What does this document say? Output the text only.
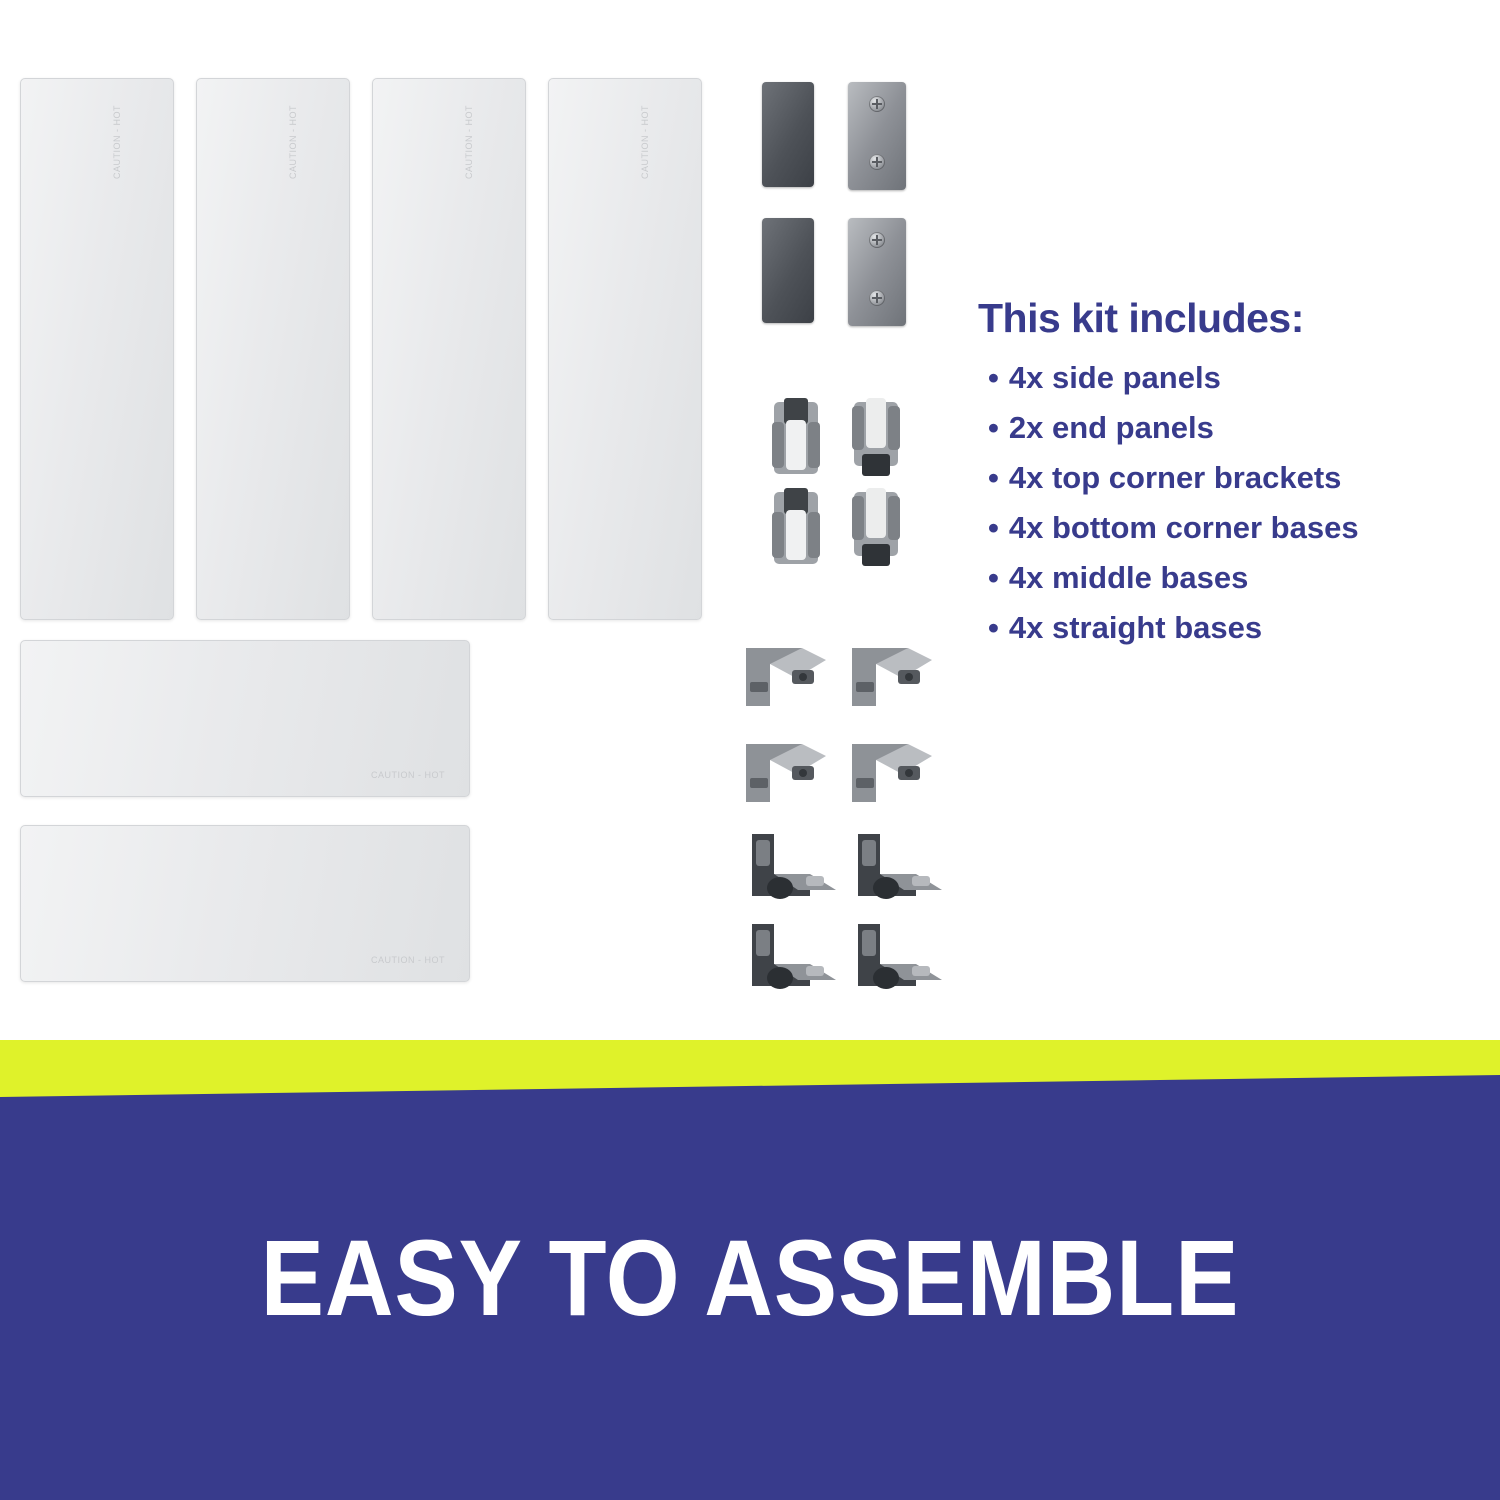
CAUTION - HOT	CAUTION - HOT	CAUTION - HOT	CAUTION - HOT
CAUTION - HOT
CAUTION - HOT
This kit includes:

• 4x side panels

• 2x end panels

• 4x top corner brackets

• 4x bottom corner bases

• 4x middle bases

• 4x straight bases

EASY TO ASSEMBLE
